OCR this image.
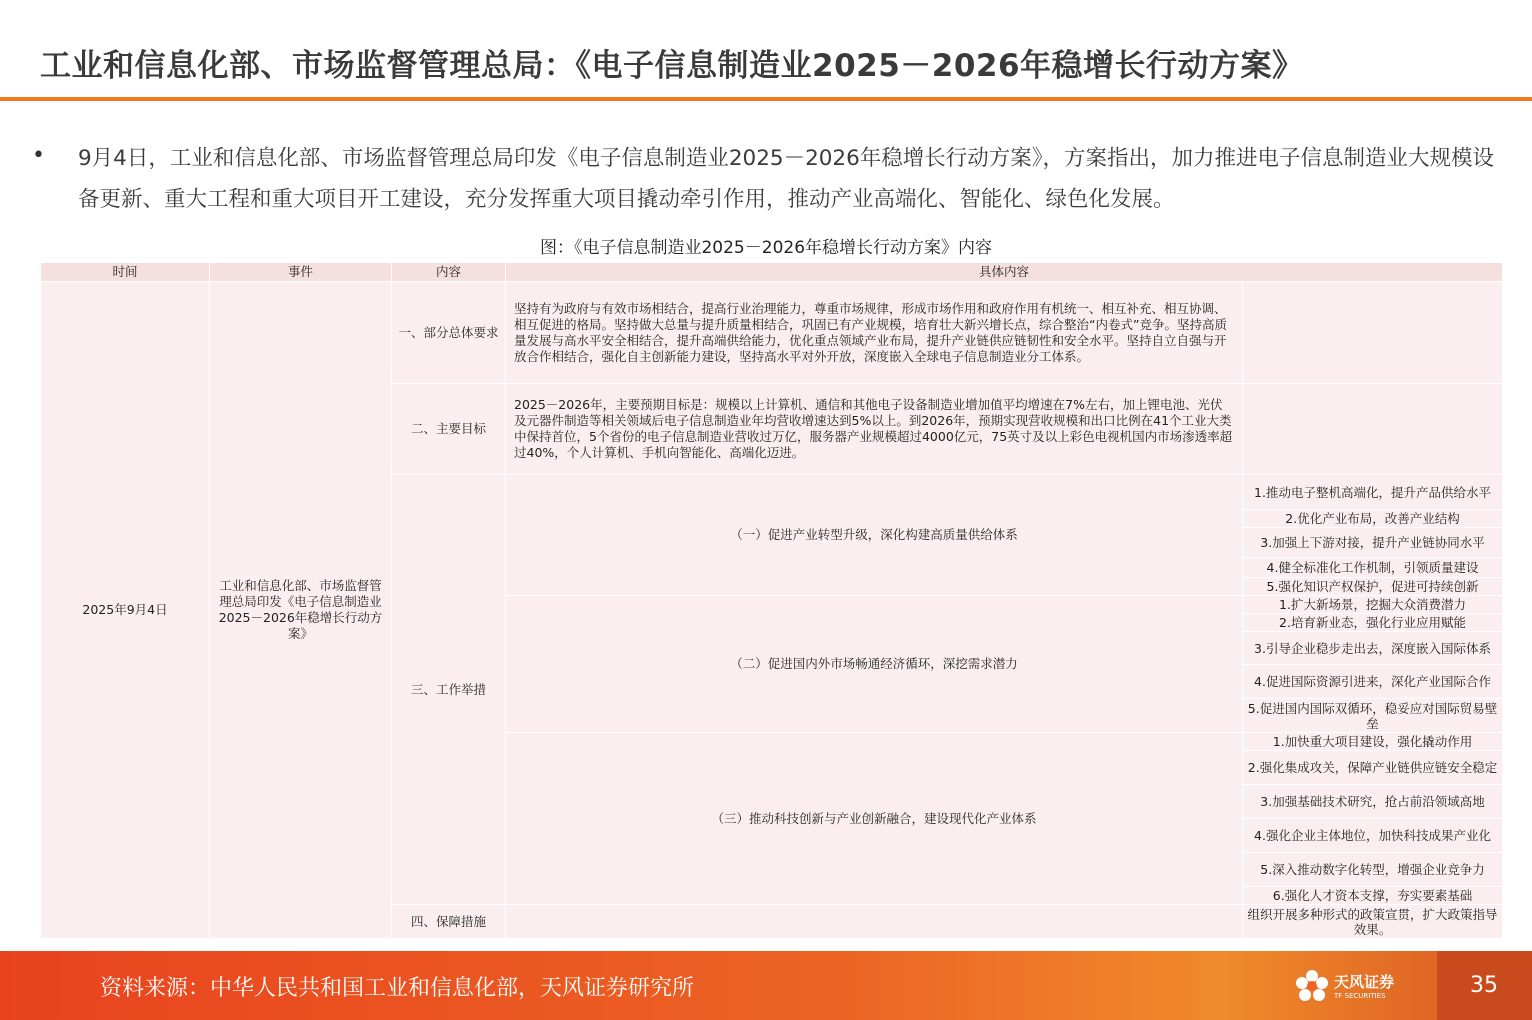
工业和信息化部、市场监督管理总局：《电子信息制造业2025－2026年稳增长行动方案》
• 9月4日，工业和信息化部、市场监督管理总局印发《电子信息制造业2025－2026年稳增长行动方案》，方案指出，加力推进电子信息制造业大规模设备更新、重大工程和重大项目开工建设，充分发挥重大项目撬动牵引作用，推动产业高端化、智能化、绿色化发展。
图：《电子信息制造业2025－2026年稳增长行动方案》内容
时间	事件	内容	具体内容	
2025年9月4日	工业和信息化部、市场监督管理总局印发《电子信息制造业2025－2026年稳增长行动方案》	一、部分总体要求	坚持有为政府与有效市场相结合，提高行业治理能力，尊重市场规律，形成市场作用和政府作用有机统一、相互补充、相互协调、相互促进的格局。坚持做大总量与提升质量相结合，巩固已有产业规模，培育壮大新兴增长点，综合整治“内卷式”竞争。坚持高质量发展与高水平安全相结合，提升高端供给能力，优化重点领域产业布局，提升产业链供应链韧性和安全水平。坚持自立自强与开放合作相结合，强化自主创新能力建设，坚持高水平对外开放，深度嵌入全球电子信息制造业分工体系。	
		二、主要目标	2025－2026年，主要预期目标是：规模以上计算机、通信和其他电子设备制造业增加值平均增速在7%左右，加上锂电池、光伏及元器件制造等相关领域后电子信息制造业年均营收增速达到5%以上。到2026年，预期实现营收规模和出口比例在41个工业大类中保持首位，5个省份的电子信息制造业营收过万亿，服务器产业规模超过4000亿元，75英寸及以上彩色电视机国内市场渗透率超过40%，个人计算机、手机向智能化、高端化迈进。	
		三、工作举措	（一）促进产业转型升级，深化构建高质量供给体系	1.推动电子整机高端化，提升产品供给水平
				2.优化产业布局，改善产业结构
				3.加强上下游对接，提升产业链协同水平
				4.健全标准化工作机制，引领质量建设
				5.强化知识产权保护，促进可持续创新
			（二）促进国内外市场畅通经济循环，深挖需求潜力	1.扩大新场景，挖掘大众消费潜力
				2.培育新业态，强化行业应用赋能
				3.引导企业稳步走出去，深度嵌入国际体系
				4.促进国际资源引进来，深化产业国际合作
				5.促进国内国际双循环，稳妥应对国际贸易壁垒
			（三）推动科技创新与产业创新融合，建设现代化产业体系	1.加快重大项目建设，强化撬动作用
				2.强化集成攻关，保障产业链供应链安全稳定
				3.加强基础技术研究，抢占前沿领域高地
				4.强化企业主体地位，加快科技成果产业化
				5.深入推动数字化转型，增强企业竞争力
				6.强化人才资本支撑，夯实要素基础
		四、保障措施		组织开展多种形式的政策宣贯，扩大政策指导效果。
资料来源：中华人民共和国工业和信息化部，天风证券研究所	天风证券
TF SECURITIES	35
